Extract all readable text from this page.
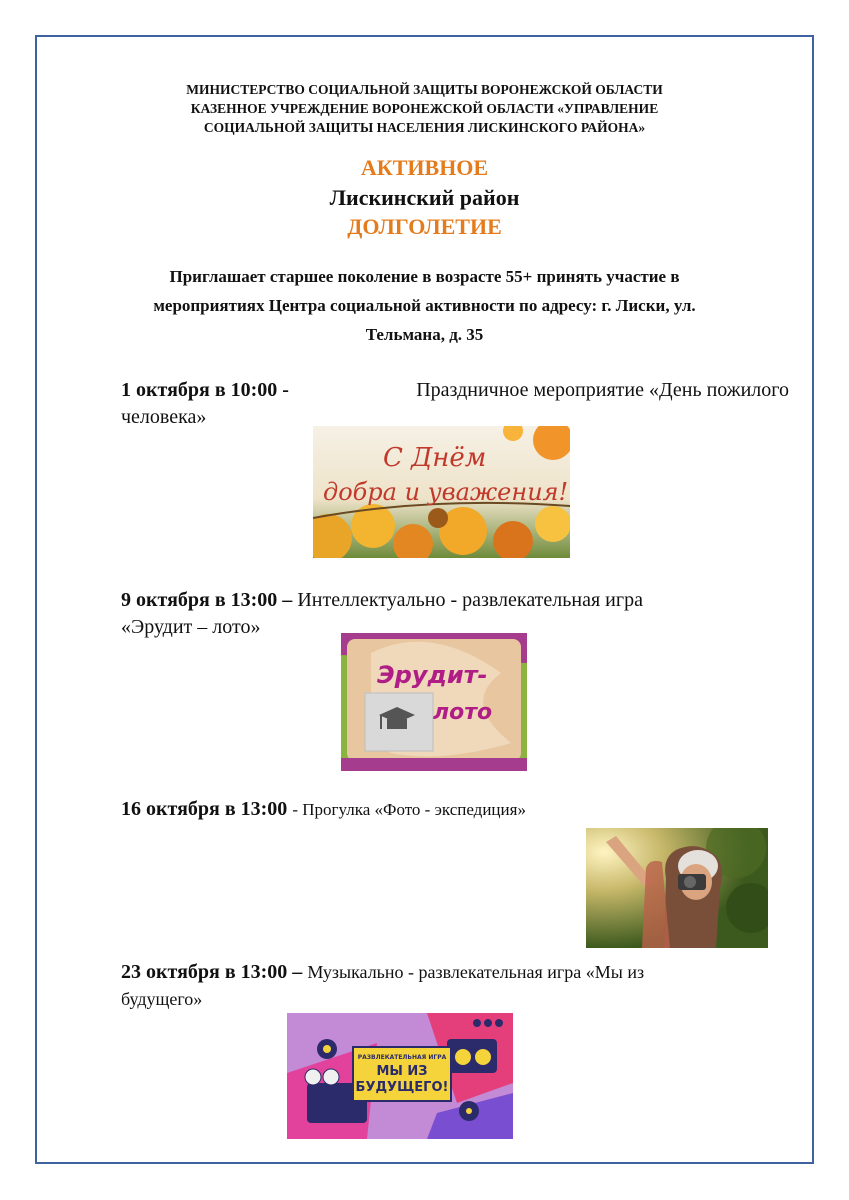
МИНИСТЕРСТВО СОЦИАЛЬНОЙ ЗАЩИТЫ ВОРОНЕЖСКОЙ ОБЛАСТИ
КАЗЕННОЕ УЧРЕЖДЕНИЕ ВОРОНЕЖСКОЙ ОБЛАСТИ «УПРАВЛЕНИЕ
СОЦИАЛЬНОЙ ЗАЩИТЫ НАСЕЛЕНИЯ ЛИСКИНСКОГО РАЙОНА»
АКТИВНОЕ
Лискинский район
ДОЛГОЛЕТИЕ
Приглашает старшее поколение в возрасте 55+ принять участие в
мероприятиях Центра социальной активности по адресу: г. Лиски, ул.
Тельмана, д. 35
1 октября в 10:00 -	Праздничное мероприятие «День пожилого
человека»
С Днём
добра и уважения!
9 октября в 13:00 – Интеллектуально - развлекательная игра
«Эрудит – лото»
Эрудит-
лото
16 октября в 13:00 - Прогулка «Фото - экспедиция»
23 октября в 13:00 – Музыкально - развлекательная игра «Мы из
будущего»
РАЗВЛЕКАТЕЛЬНАЯ ИГРА
МЫ ИЗ
БУДУЩЕГО!
